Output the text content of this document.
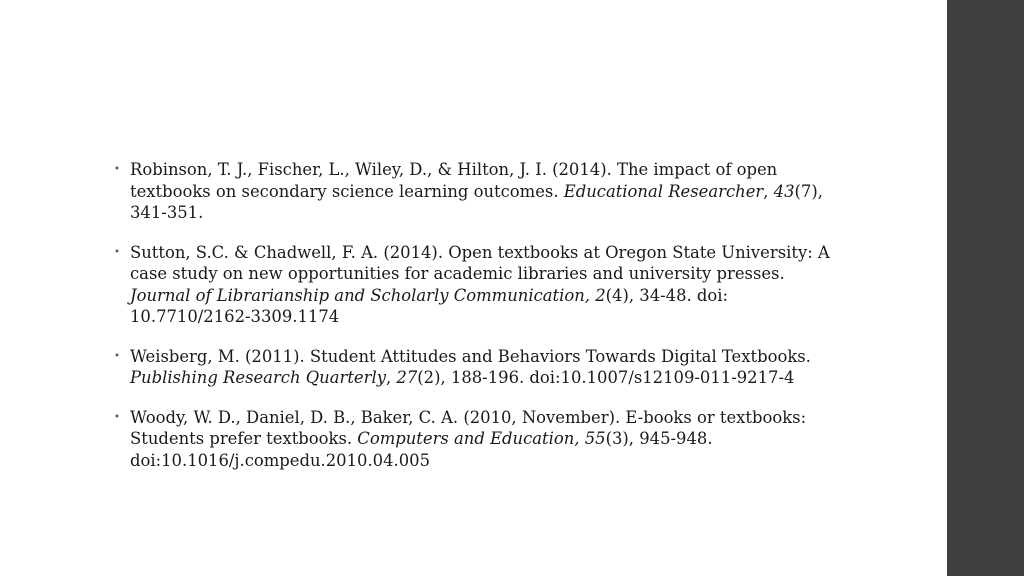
• Robinson, T. J., Fischer, L., Wiley, D., & Hilton, J. I. (2014). The impact of open textbooks on secondary science learning outcomes. Educational Researcher, 43(7), 341-351.
• Sutton, S.C. & Chadwell, F. A. (2014). Open textbooks at Oregon State University: A case study on new opportunities for academic libraries and university presses. Journal of Librarianship and Scholarly Communication, 2(4), 34-48. doi: 10.7710/2162-3309.1174
• Weisberg, M. (2011). Student Attitudes and Behaviors Towards Digital Textbooks. Publishing Research Quarterly, 27(2), 188-196. doi:10.1007/s12109-011-9217-4
• Woody, W. D., Daniel, D. B., Baker, C. A. (2010, November). E-books or textbooks: Students prefer textbooks. Computers and Education, 55(3), 945-948. doi:10.1016/j.compedu.2010.04.005
